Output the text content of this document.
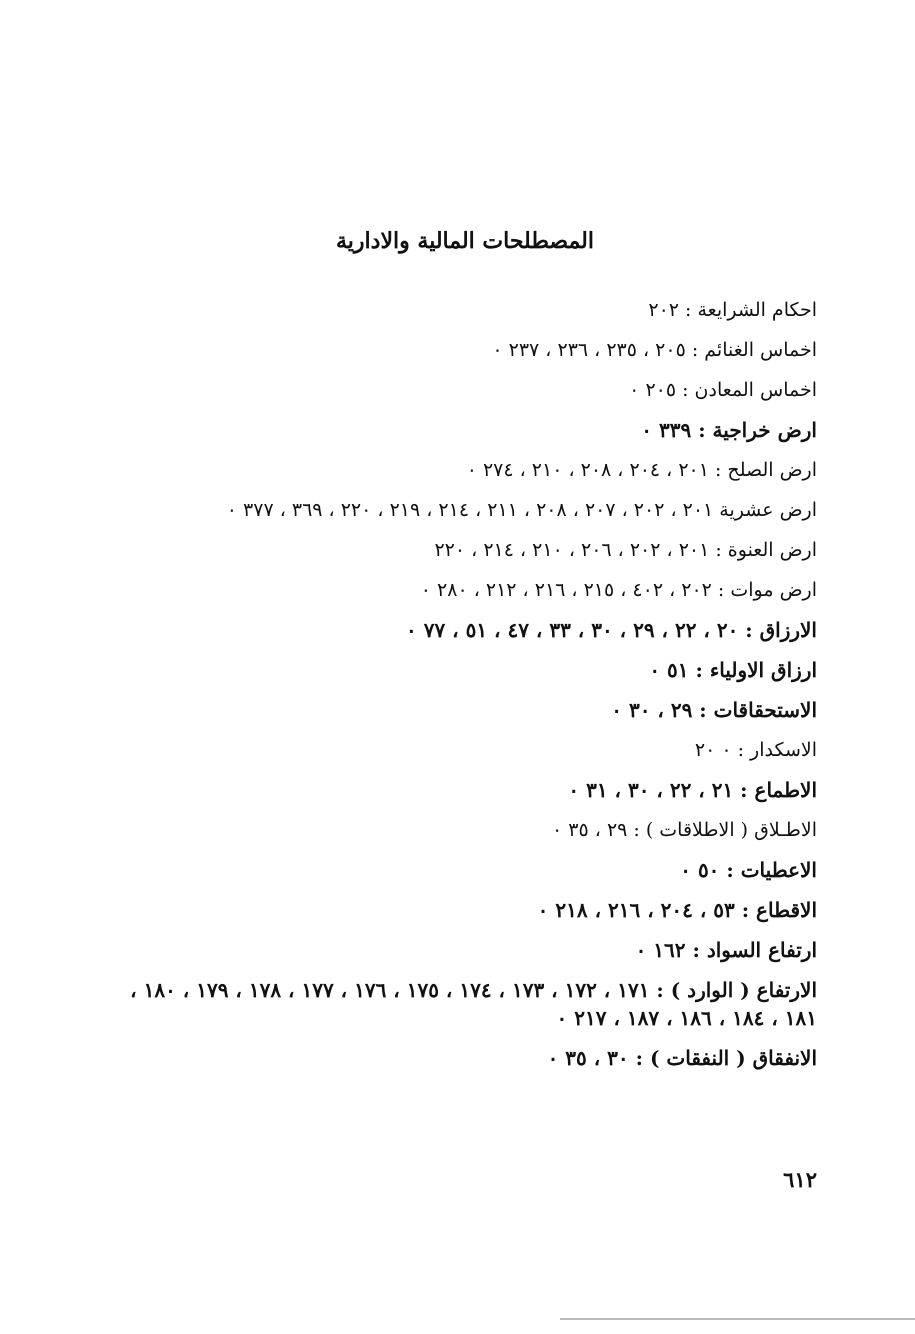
المصطلحات المالية والادارية
احكام الشرايعة : ٢٠٢
اخماس الغنائم : ٢٠٥ ، ٢٣٥ ، ٢٣٦ ، ٢٣٧ ٠
اخماس المعادن : ٢٠٥ ٠
ارض خراجية : ٣٣٩ ٠
ارض الصلح : ٢٠١ ، ٢٠٤ ، ٢٠٨ ، ٢١٠ ، ٢٧٤ ٠
ارض عشرية ٢٠١ ، ٢٠٢ ، ٢٠٧ ، ٢٠٨ ، ٢١١ ، ٢١٤ ، ٢١٩ ، ٢٢٠ ، ٣٦٩ ، ٣٧٧ ٠
ارض العنوة : ٢٠١ ، ٢٠٢ ، ٢٠٦ ، ٢١٠ ، ٢١٤ ، ٢٢٠
ارض موات : ٢٠٢ ، ٤٠٢ ، ٢١٥ ، ٢١٦ ، ٢١٢ ، ٢٨٠ ٠
الارزاق : ٢٠ ، ٢٢ ، ٢٩ ، ٣٠ ، ٣٣ ، ٤٧ ، ٥١ ، ٧٧ ٠
ارزاق الاولياء : ٥١ ٠
الاستحقاقات : ٢٩ ، ٣٠ ٠
الاسكدار : ٠ ٢٠
الاطماع : ٢١ ، ٢٢ ، ٣٠ ، ٣١ ٠
الاطـلاق ( الاطلاقات ) : ٢٩ ، ٣٥ ٠
الاعطيات : ٥٠ ٠
الاقطاع : ٥٣ ، ٢٠٤ ، ٢١٦ ، ٢١٨ ٠
ارتفاع السواد : ١٦٢ ٠
الارتفاع ( الوارد ) : ١٧١ ، ١٧٢ ، ١٧٣ ، ١٧٤ ، ١٧٥ ، ١٧٦ ، ١٧٧ ، ١٧٨ ، ١٧٩ ، ١٨٠ ، ١٨١ ، ١٨٤ ، ١٨٦ ، ١٨٧ ، ٢١٧ ٠
الانفقاق ( النفقات ) : ٣٠ ، ٣٥ ٠
٦١٢
